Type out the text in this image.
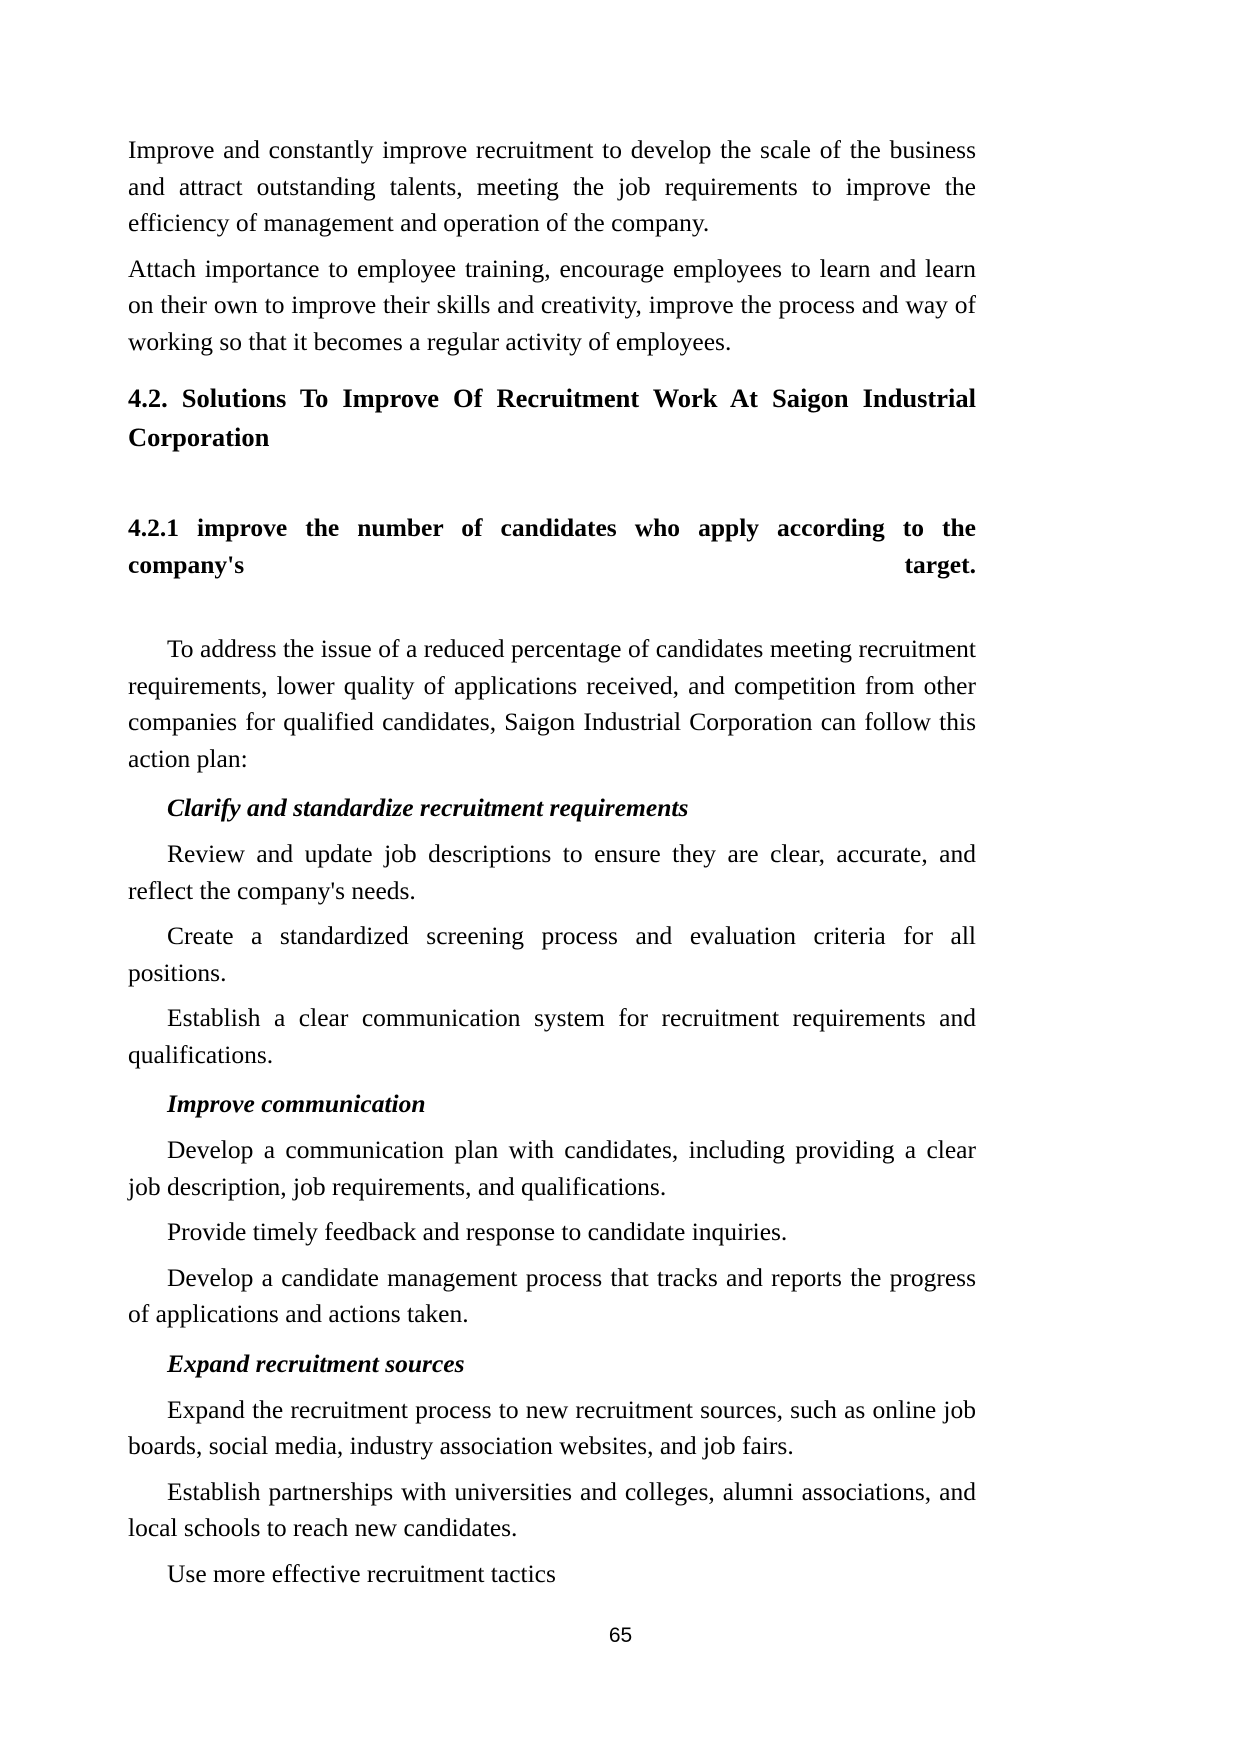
Improve and constantly improve recruitment to develop the scale of the business and attract outstanding talents, meeting the job requirements to improve the efficiency of management and operation of the company.

Attach importance to employee training, encourage employees to learn and learn on their own to improve their skills and creativity, improve the process and way of working so that it becomes a regular activity of employees.

4.2. Solutions To Improve Of Recruitment Work At Saigon Industrial Corporation
4.2.1 improve the number of candidates who apply according to the company's target.

To address the issue of a reduced percentage of candidates meeting recruitment requirements, lower quality of applications received, and competition from other companies for qualified candidates, Saigon Industrial Corporation can follow this action plan:

Clarify and standardize recruitment requirements

Review and update job descriptions to ensure they are clear, accurate, and reflect the company's needs.

Create a standardized screening process and evaluation criteria for all positions.

Establish a clear communication system for recruitment requirements and qualifications.

Improve communication

Develop a communication plan with candidates, including providing a clear job description, job requirements, and qualifications.

Provide timely feedback and response to candidate inquiries.

Develop a candidate management process that tracks and reports the progress of applications and actions taken.

Expand recruitment sources

Expand the recruitment process to new recruitment sources, such as online job boards, social media, industry association websites, and job fairs.

Establish partnerships with universities and colleges, alumni associations, and local schools to reach new candidates.

Use more effective recruitment tactics

65
